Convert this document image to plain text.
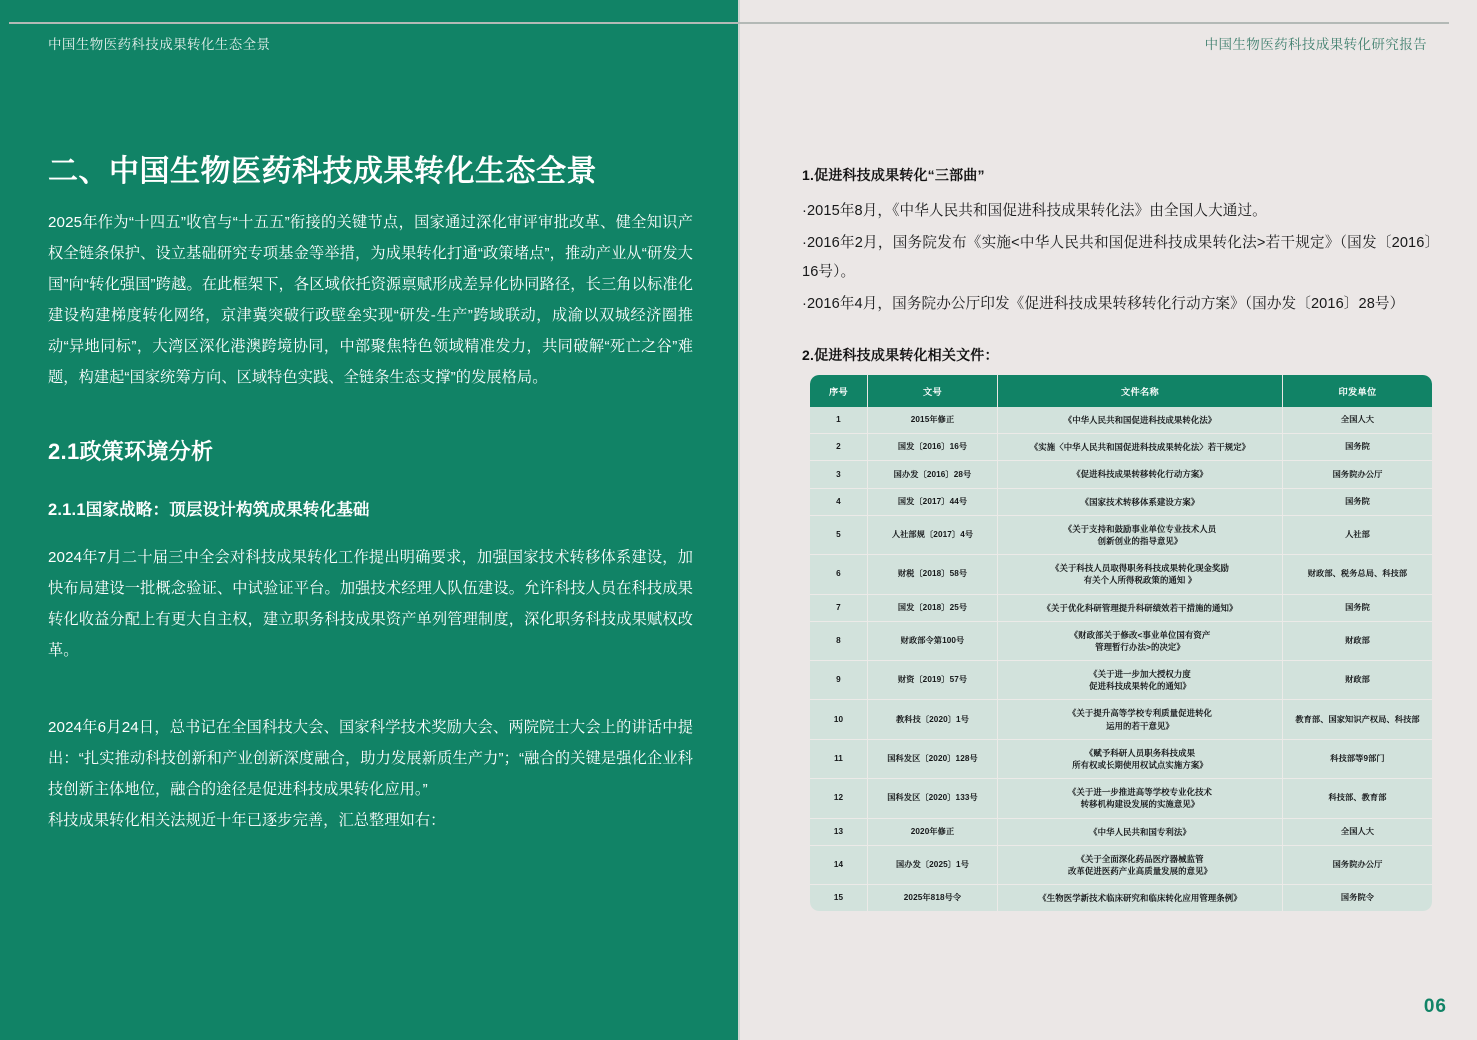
中国生物医药科技成果转化生态全景
二、中国生物医药科技成果转化生态全景

2025年作为“十四五”收官与“十五五”衔接的关键节点，国家通过深化审评审批改革、健全知识产权全链条保护、设立基础研究专项基金等举措，为成果转化打通“政策堵点”，推动产业从“研发大国”向“转化强国”跨越。在此框架下，各区域依托资源禀赋形成差异化协同路径，长三角以标准化建设构建梯度转化网络，京津冀突破行政壁垒实现“研发-生产”跨域联动，成渝以双城经济圈推动“异地同标”，大湾区深化港澳跨境协同，中部聚焦特色领域精准发力，共同破解“死亡之谷”难题，构建起“国家统筹方向、区域特色实践、全链条生态支撑”的发展格局。

2.1政策环境分析
2.1.1国家战略：顶层设计构筑成果转化基础

2024年7月二十届三中全会对科技成果转化工作提出明确要求，加强国家技术转移体系建设，加快布局建设一批概念验证、中试验证平台。加强技术经理人队伍建设。允许科技人员在科技成果转化收益分配上有更大自主权，建立职务科技成果资产单列管理制度，深化职务科技成果赋权改革。

2024年6月24日，总书记在全国科技大会、国家科学技术奖励大会、两院院士大会上的讲话中提出：“扎实推动科技创新和产业创新深度融合，助力发展新质生产力”；“融合的关键是强化企业科技创新主体地位，融合的途径是促进科技成果转化应用。”

科技成果转化相关法规近十年已逐步完善，汇总整理如右：

中国生物医药科技成果转化研究报告
1.促进科技成果转化“三部曲”

·2015年8月，《中华人民共和国促进科技成果转化法》由全国人大通过。

·2016年2月，国务院发布《实施<中华人民共和国促进科技成果转化法>若干规定》（国发〔2016〕16号）。

·2016年4月，国务院办公厅印发《促进科技成果转移转化行动方案》（国办发〔2016〕28号）

2.促进科技成果转化相关文件：
序号	文号	文件名称	印发单位
1	2015年修正	《中华人民共和国促进科技成果转化法》	全国人大
2	国发〔2016〕16号	《实施〈中华人民共和国促进科技成果转化法〉若干规定》	国务院
3	国办发〔2016〕28号	《促进科技成果转移转化行动方案》	国务院办公厅
4	国发〔2017〕44号	《国家技术转移体系建设方案》	国务院
5	人社部规〔2017〕4号	《关于支持和鼓励事业单位专业技术人员
创新创业的指导意见》	人社部
6	财税〔2018〕58号	《关于科技人员取得职务科技成果转化现金奖励
有关个人所得税政策的通知 》	财政部、税务总局、科技部
7	国发〔2018〕25号	《关于优化科研管理提升科研绩效若干措施的通知》	国务院
8	财政部令第100号	《财政部关于修改<事业单位国有资产
管理暂行办法>的决定》	财政部
9	财资〔2019〕57号	《关于进一步加大授权力度
促进科技成果转化的通知》	财政部
10	教科技〔2020〕1号	《关于提升高等学校专利质量促进转化
运用的若干意见》	教育部、国家知识产权局、科技部
11	国科发区〔2020〕128号	《赋予科研人员职务科技成果
所有权或长期使用权试点实施方案》	科技部等9部门
12	国科发区〔2020〕133号	《关于进一步推进高等学校专业化技术
转移机构建设发展的实施意见》	科技部、教育部
13	2020年修正	《中华人民共和国专利法》	全国人大
14	国办发〔2025〕1号	《关于全面深化药品医疗器械监管
改革促进医药产业高质量发展的意见》	国务院办公厅
15	2025年818号令	《生物医学新技术临床研究和临床转化应用管理条例》	国务院令
06
